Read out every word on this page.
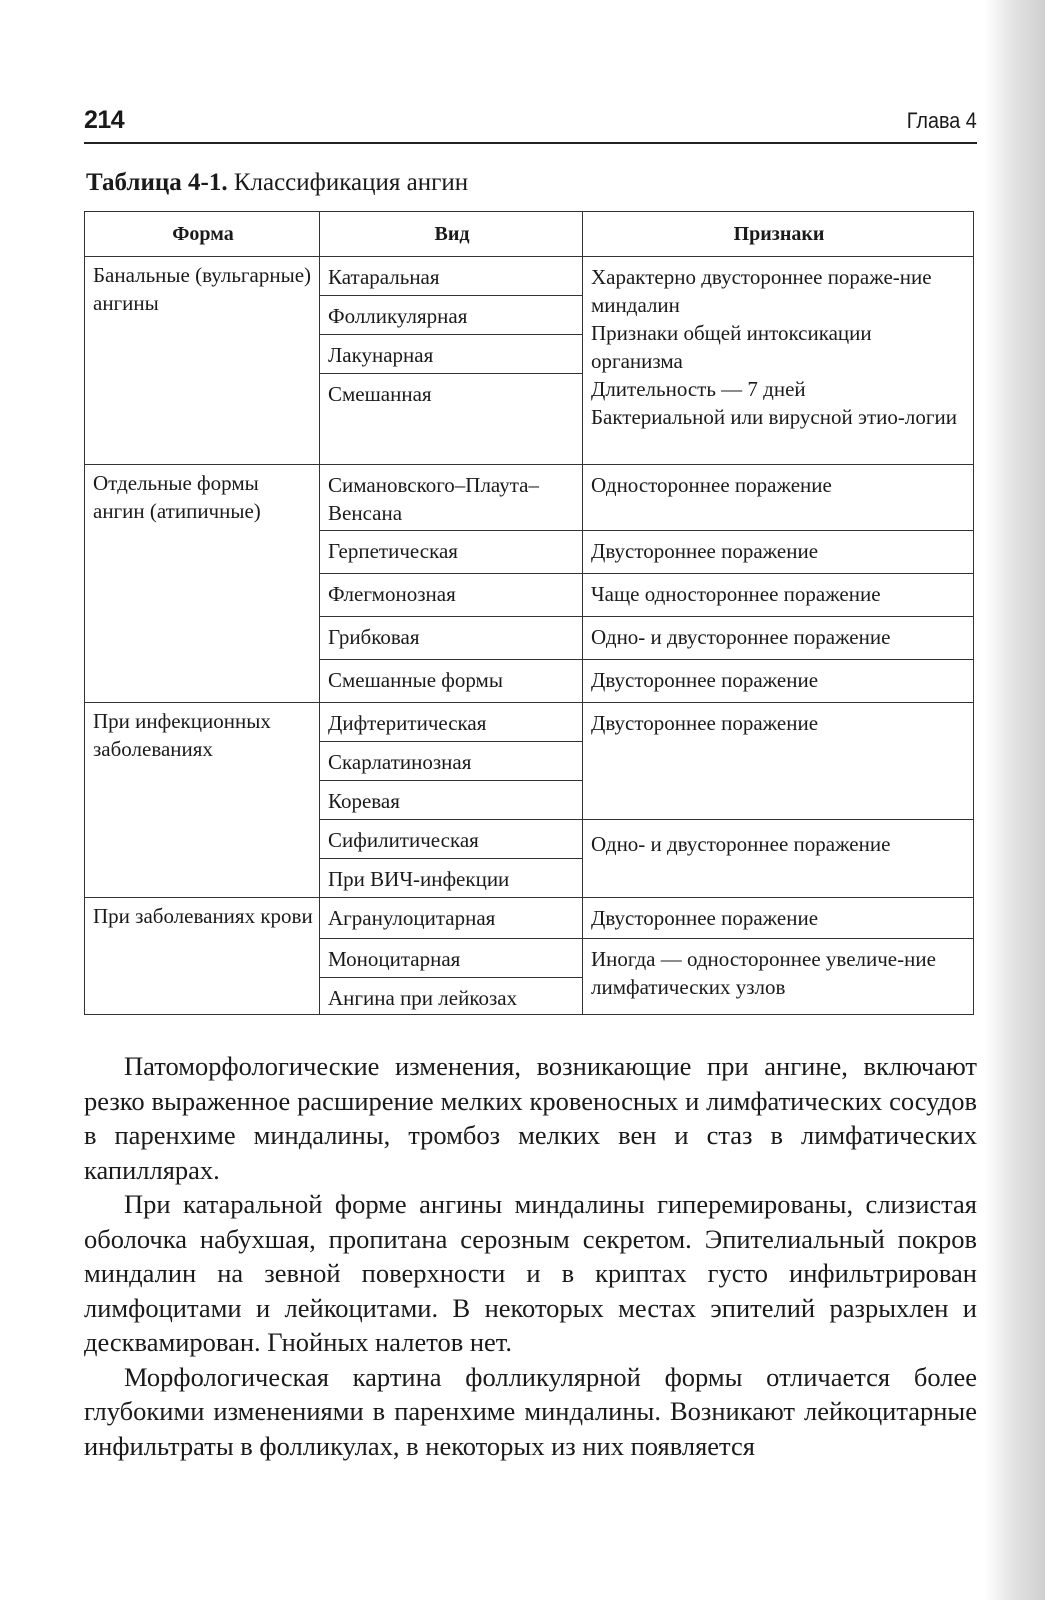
214	Глава 4
Таблица 4-1. Классификация ангин
Форма	Вид	Признаки
Банальные (вульгарные) ангины	Катаральная	Характерно двустороннее пораже-ние миндалин
Признаки общей интоксикации организма
Длительность — 7 дней
Бактериальной или вирусной этио-логии

	Фолликулярная	
	Лакунарная	
	Смешанная	
Отдельные формы ангин (атипичные)	Симановского–Плаута–Венсана	Одностороннее поражение
	Герпетическая	Двустороннее поражение
	Флегмонозная	Чаще одностороннее поражение
	Грибковая	Одно- и двустороннее поражение
	Смешанные формы	Двустороннее поражение
При инфекционных заболеваниях	Дифтеритическая	Двустороннее поражение
	Скарлатинозная	
	Коревая	
	Сифилитическая	Одно- и двустороннее поражение
	При ВИЧ-инфекции	
При заболеваниях крови	Агранулоцитарная	Двустороннее поражение
	Моноцитарная	Иногда — одностороннее увеличе-ние лимфатических узлов
	Ангина при лейкозах	

Патоморфологические изменения, возникающие при ангине, включают резко выраженное расширение мелких кровеносных и лимфатических сосудов в паренхиме миндалины, тромбоз мелких вен и стаз в лимфатических капиллярах.

При катаральной форме ангины миндалины гиперемированы, слизистая оболочка набухшая, пропитана серозным секретом. Эпителиальный покров миндалин на зевной поверхности и в криптах густо инфильтрирован лимфоцитами и лейкоцитами. В некоторых местах эпителий разрыхлен и десквамирован. Гнойных налетов нет.

Морфологическая картина фолликулярной формы отличается более глубокими изменениями в паренхиме миндалины. Возникают лейкоцитарные инфильтраты в фолликулах, в некоторых из них появляется
